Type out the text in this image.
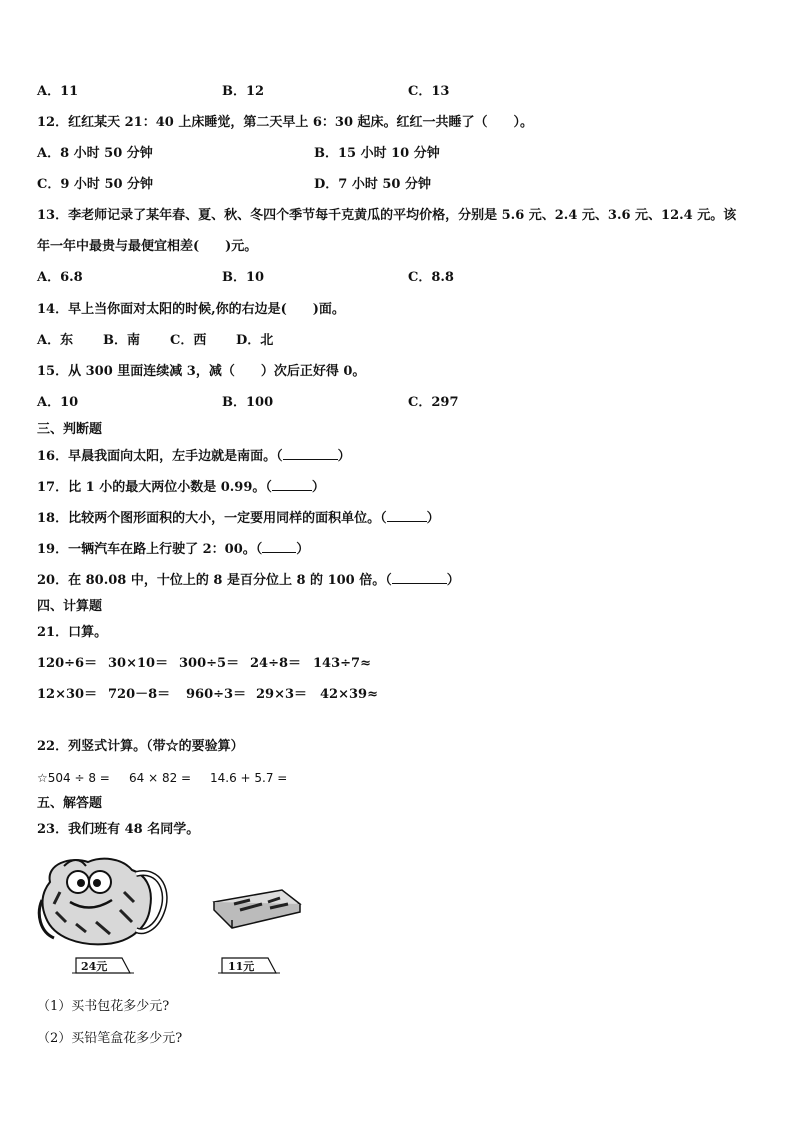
A．11	B．12	C．13
12．红红某天 21：40 上床睡觉，第二天早上 6：30 起床。红红一共睡了（　　）。
A．8 小时 50 分钟	B．15 小时 10 分钟
C．9 小时 50 分钟	D．7 小时 50 分钟
13．李老师记录了某年春、夏、秋、冬四个季节每千克黄瓜的平均价格，分别是 5.6 元、2.4 元、3.6 元、12.4 元。该
年一年中最贵与最便宜相差(　　)元。
A．6.8	B．10	C．8.8
14．早上当你面对太阳的时候,你的右边是(　　)面。
A．东 B．南 C．西 D．北
15．从 300 里面连续减 3，减（　　）次后正好得 0。
A．10	B．100	C．297
三、判断题
16．早晨我面向太阳，左手边就是南面。（	）
17．比 1 小的最大两位小数是 0.99。（	）
18．比较两个图形面积的大小，一定要用同样的面积单位。（	）
19．一辆汽车在路上行驶了 2：00。（	）
20．在 80.08 中，十位上的 8 是百分位上 8 的 100 倍。（	）
四、计算题
21．口算。
120÷6＝ 30×10＝ 300÷5＝ 24÷8＝ 143÷7≈
12×30＝ 720－8＝ 960÷3＝ 29×3＝ 42×39≈
22．列竖式计算。（带☆的要验算）
☆504 ÷ 8 = 64 × 82 = 14.6 + 5.7 =
五、解答题
23．我们班有 48 名同学。
24元	11元
（1）买书包花多少元?
（2）买铅笔盒花多少元?
